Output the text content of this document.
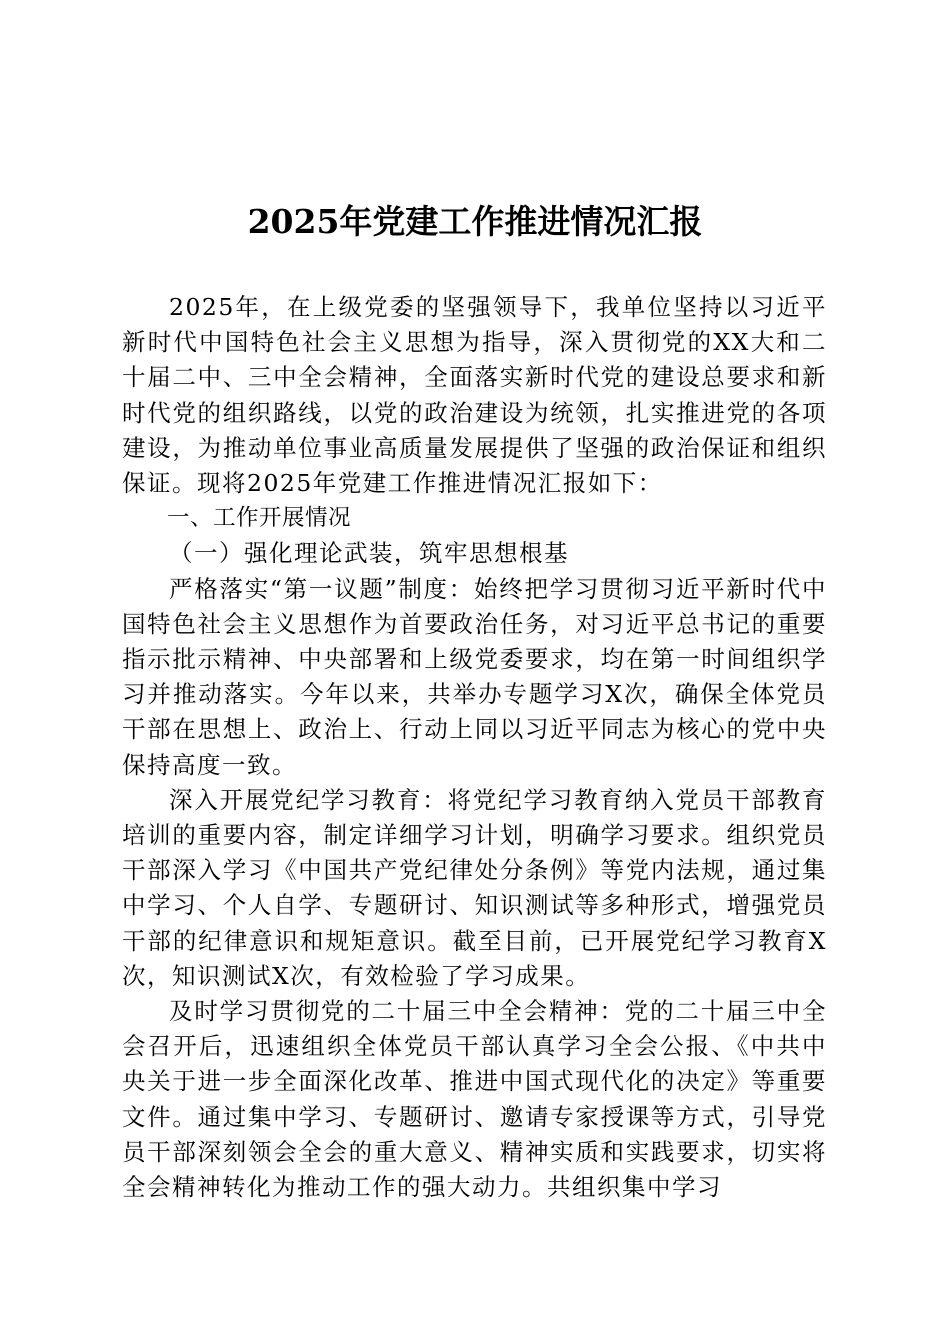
2025年党建工作推进情况汇报

2025年，在上级党委的坚强领导下，我单位坚持以习近平新时代中国特色社会主义思想为指导，深入贯彻党的XX大和二十届二中、三中全会精神，全面落实新时代党的建设总要求和新时代党的组织路线，以党的政治建设为统领，扎实推进党的各项建设，为推动单位事业高质量发展提供了坚强的政治保证和组织保证。现将2025年党建工作推进情况汇报如下：

一、工作开展情况

（一）强化理论武装，筑牢思想根基

严格落实“第一议题”制度：始终把学习贯彻习近平新时代中国特色社会主义思想作为首要政治任务，对习近平总书记的重要指示批示精神、中央部署和上级党委要求，均在第一时间组织学习并推动落实。今年以来，共举办专题学习X次，确保全体党员干部在思想上、政治上、行动上同以习近平同志为核心的党中央保持高度一致。

深入开展党纪学习教育：将党纪学习教育纳入党员干部教育培训的重要内容，制定详细学习计划，明确学习要求。组织党员干部深入学习《中国共产党纪律处分条例》等党内法规，通过集中学习、个人自学、专题研讨、知识测试等多种形式，增强党员干部的纪律意识和规矩意识。截至目前，已开展党纪学习教育X次，知识测试X次，有效检验了学习成果。

及时学习贯彻党的二十届三中全会精神：党的二十届三中全会召开后，迅速组织全体党员干部认真学习全会公报、《中共中央关于进一步全面深化改革、推进中国式现代化的决定》等重要文件。通过集中学习、专题研讨、邀请专家授课等方式，引导党员干部深刻领会全会的重大意义、精神实质和实践要求，切实将全会精神转化为推动工作的强大动力。共组织集中学习
